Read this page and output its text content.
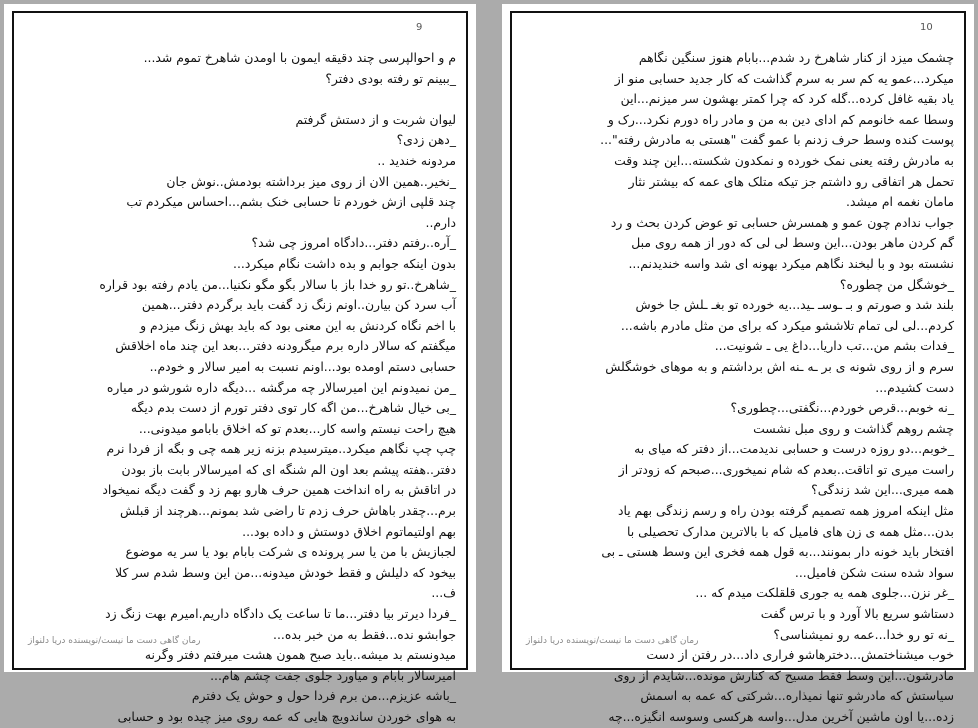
9
م و احوالپرسی چند دقیقه ایمون با اومدن شاهرخ تموم شد...
_ببینم تو رفته بودی دفتر؟
لیوان شربت و از دستش گرفتم
_دهن زدی؟
مردونه خندید ..
_نخیر..همین الان از روی میز برداشته بودمش..نوش جان
چند قلپی ازش خوردم تا حسابی خنک بشم...احساس میکردم تب
دارم..
_آره..رفتم دفتر...دادگاه امروز چی شد؟
بدون اینکه جوابم و بده داشت نگام میکرد...
_شاهرخ..تو رو خدا باز با سالار بگو مگو نکنیا...من یادم رفته بود قراره
آب سرد کن بیارن..اونم زنگ زد گفت باید برگردم دفتر...همین
با اخم نگاه کردنش به این معنی بود که باید بهش زنگ میزدم و
میگفتم که سالار داره برم میگرودنه دفتر...بعد این چند ماه اخلاقش
حسابی دستم اومده بود...اونم نسبت به امیر سالار و خودم..
_من نمیدونم این امیرسالار چه مرگشه ...دیگه داره شورشو در میاره
_بی خیال شاهرخ...من اگه کار توی دفتر تورم از دست بدم دیگه
هیچ راحت نیستم واسه کار...بعدم تو که اخلاق بابامو میدونی...
چپ چپ نگاهم میکرد..میترسیدم بزنه زیر همه چی و بگه از فردا نرم
دفتر..هفته پیشم بعد اون الم شنگه ای که امیرسالار بابت باز بودن
در اتاقش به راه انداخت همین حرف هارو بهم زد و گفت دیگه نمیخواد
برم...چقدر باهاش حرف زدم تا راضی شد بمونم...هرچند از قبلش
بهم اولتیماتوم اخلاق دوستش و داده بود...
لجبازیش با من یا سر پرونده ی شرکت بابام بود یا سر یه موضوع
بیخود که دلیلش و فقط خودش میدونه...من این وسط شدم سر کلا
ف...
_فردا دیرتر بیا دفتر...ما تا ساعت یک دادگاه داریم.امیرم بهت زنگ زد
جوابشو نده...فقط به من خبر بده...
میدونستم بد میشه..باید صبح همون هشت میرفتم دفتر وگرنه
امیرسالار بابام و میاورد جلوی جفت چشم هام...
_باشه عزیزم...من برم فردا حول و حوش یک دفترم
به هوای خوردن ساندویچ هایی که عمه روی میز چیده بود و حسابی
رمان گاهی دست ما نیست/نویسنده دریا دلنواز
10
چشمک میزد از کنار شاهرخ رد شدم...بابام هنوز سنگین نگاهم
میکرد...عمو یه کم سر به سرم گذاشت که کار جدید حسابی منو از
یاد بقیه غافل کرده...گله کرد که چرا کمتر بهشون سر میزنم...این
وسطا عمه خانومم کم ادای دین به من و مادر راه دورم نکرد...رک و
پوست کنده وسط حرف زدنم با عمو گفت "هستی به مادرش رفته"...
به مادرش رفته یعنی نمک خورده و نمکدون شکسته...این چند وقت
تحمل هر اتفاقی رو داشتم جز تیکه متلک های عمه که بیشتر نثار
مامان نغمه ام میشد.
جواب ندادم چون عمو و همسرش حسابی تو عوض کردن بحث و رد
گم کردن ماهر بودن...این وسط لی لی که دور از همه روی مبل
نشسته بود و با لبخند نگاهم میکرد بهونه ای شد واسه خندیدنم...
_خوشگل من چطوره؟
بلند شد و صورتم و بـ ـوسـ ـید...یه خورده تو بغـ ـلش جا خوش
کردم...لی لی تمام تلاششو میکرد که برای من مثل مادرم باشه...
_فدات بشم من...تب داریا...داغ یی ـ شونیت...
سرم و از روی شونه ی بر ـه ـنه اش برداشتم و به موهای خوشگلش
دست کشیدم...
_نه خوبم...قرص خوردم...نگفتی...چطوری؟
چشم روهم گذاشت و روی مبل نشست
_خوبم...دو روزه درست و حسابی ندیدمت...از دفتر که میای به
راست میری تو اتاقت..بعدم که شام نمیخوری...صبحم که زودتر از
همه میری...این شد زندگی؟
مثل اینکه امروز همه تصمیم گرفته بودن راه و رسم زندگی بهم یاد
بدن...مثل همه ی زن های فامیل که با بالاترین مدارک تحصیلی با
افتخار باید خونه دار بمونند...به قول همه فخری این وسط هستی ـ بی
سواد شده سنت شکن فامیل...
_غر نزن...جلوی همه یه جوری قلقلکت میدم که ...
دستاشو سریع بالا آورد و با ترس گفت
_نه تو رو خدا...عمه رو نمیشناسی؟
خوب میشناختمش...دخترهاشو فراری داد...در رفتن از دست
مادرشون...این وسط فقط مسیح که کنارش مونده...شایدم از روی
سیاستش که مادرشو تنها نمیذاره...شرکتی که عمه به اسمش
زده...یا اون ماشین آخرین مدل...واسه هرکسی وسوسه انگیزه...چه
رمان گاهی دست ما نیست/نویسنده دریا دلنواز
